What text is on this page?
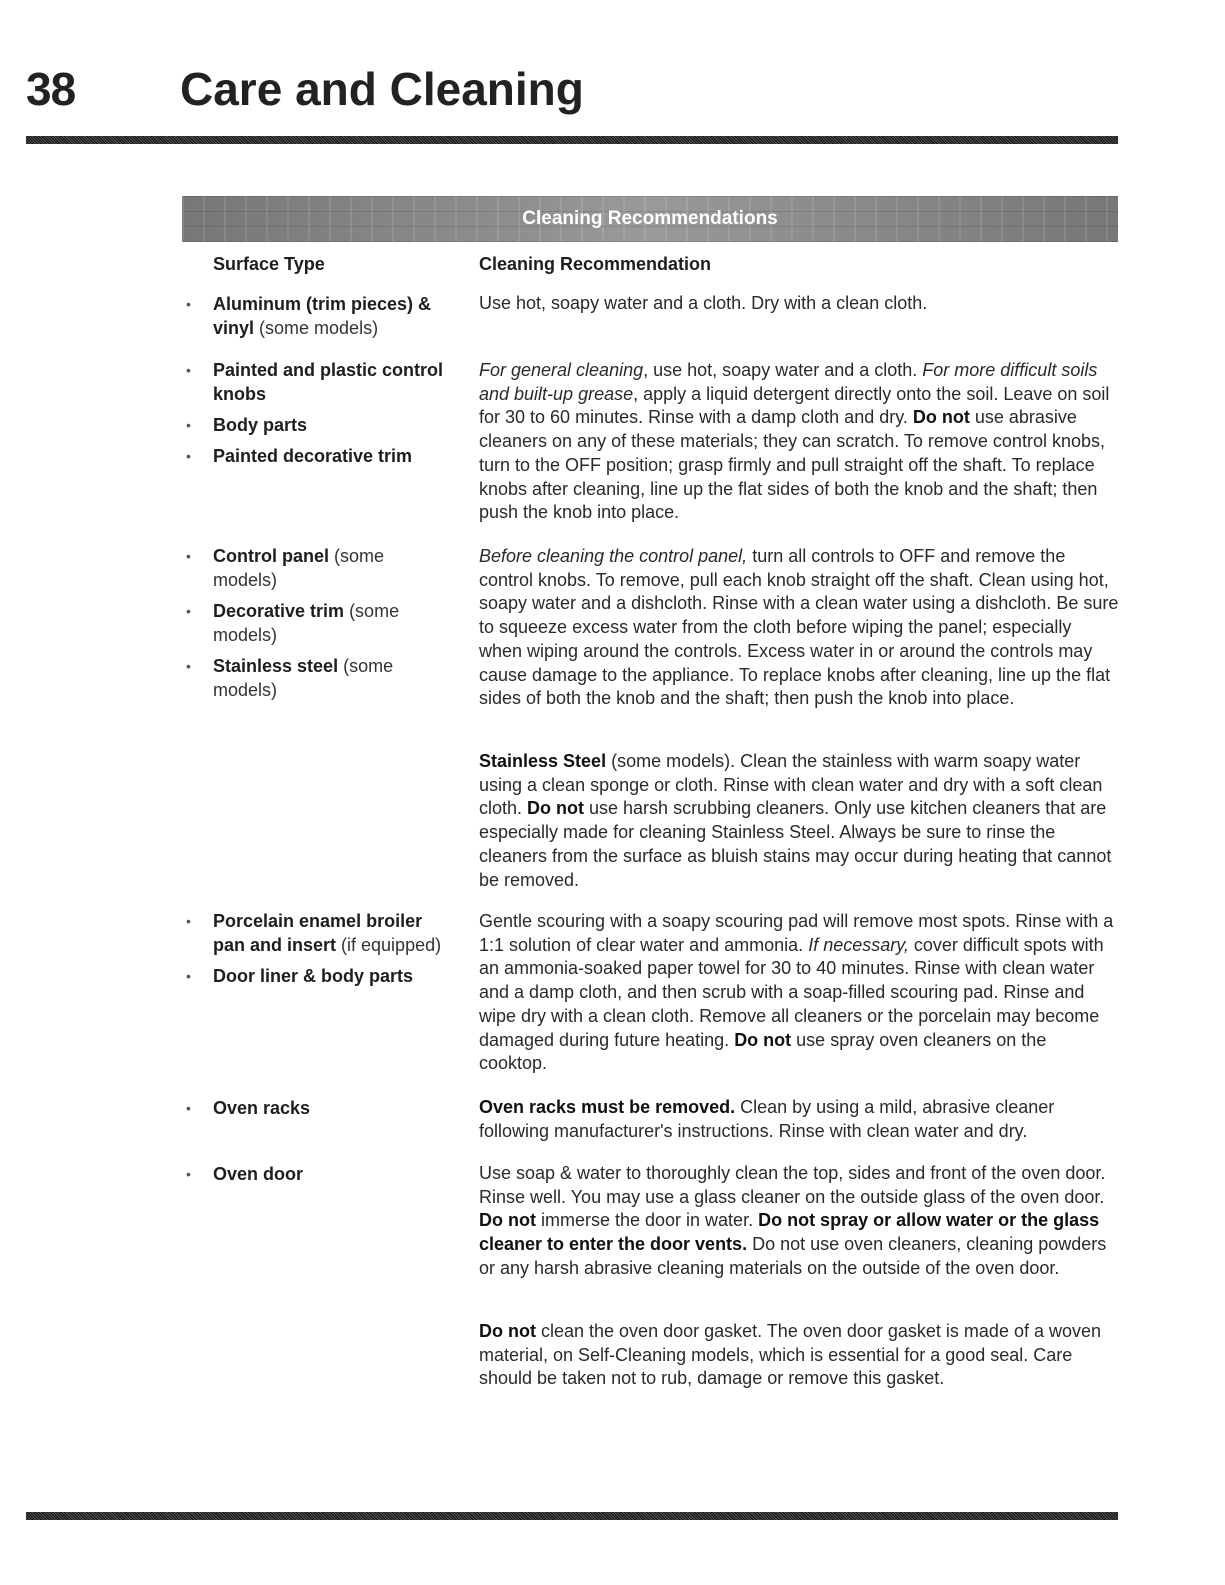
38 Care and Cleaning
Cleaning Recommendations
Surface Type	Cleaning Recommendation
• Aluminum (trim pieces) & vinyl (some models)
• Painted and plastic control knobs
• Body parts
• Painted decorative trim
• Control panel (some models)
• Decorative trim (some models)
• Stainless steel (some models)
• Porcelain enamel broiler pan and insert (if equipped)
• Door liner & body parts
• Oven racks
• Oven door
Use hot, soapy water and a cloth. Dry with a clean cloth.
For general cleaning, use hot, soapy water and a cloth. For more difficult soils and built-up grease, apply a liquid detergent directly onto the soil. Leave on soil for 30 to 60 minutes. Rinse with a damp cloth and dry. Do not use abrasive cleaners on any of these materials; they can scratch. To remove control knobs, turn to the OFF position; grasp firmly and pull straight off the shaft. To replace knobs after cleaning, line up the flat sides of both the knob and the shaft; then push the knob into place.
Before cleaning the control panel, turn all controls to OFF and remove the control knobs. To remove, pull each knob straight off the shaft. Clean using hot, soapy water and a dishcloth. Rinse with a clean water using a dishcloth. Be sure to squeeze excess water from the cloth before wiping the panel; especially when wiping around the controls. Excess water in or around the controls may cause damage to the appliance. To replace knobs after cleaning, line up the flat sides of both the knob and the shaft; then push the knob into place.
Stainless Steel (some models). Clean the stainless with warm soapy water using a clean sponge or cloth. Rinse with clean water and dry with a soft clean cloth. Do not use harsh scrubbing cleaners. Only use kitchen cleaners that are especially made for cleaning Stainless Steel. Always be sure to rinse the cleaners from the surface as bluish stains may occur during heating that cannot be removed.
Gentle scouring with a soapy scouring pad will remove most spots. Rinse with a 1:1 solution of clear water and ammonia. If necessary, cover difficult spots with an ammonia-soaked paper towel for 30 to 40 minutes. Rinse with clean water and a damp cloth, and then scrub with a soap-filled scouring pad. Rinse and wipe dry with a clean cloth. Remove all cleaners or the porcelain may become damaged during future heating. Do not use spray oven cleaners on the cooktop.
Oven racks must be removed. Clean by using a mild, abrasive cleaner following manufacturer's instructions. Rinse with clean water and dry.
Use soap & water to thoroughly clean the top, sides and front of the oven door. Rinse well. You may use a glass cleaner on the outside glass of the oven door. Do not immerse the door in water. Do not spray or allow water or the glass cleaner to enter the door vents. Do not use oven cleaners, cleaning powders or any harsh abrasive cleaning materials on the outside of the oven door.
Do not clean the oven door gasket. The oven door gasket is made of a woven material, on Self-Cleaning models, which is essential for a good seal. Care should be taken not to rub, damage or remove this gasket.
